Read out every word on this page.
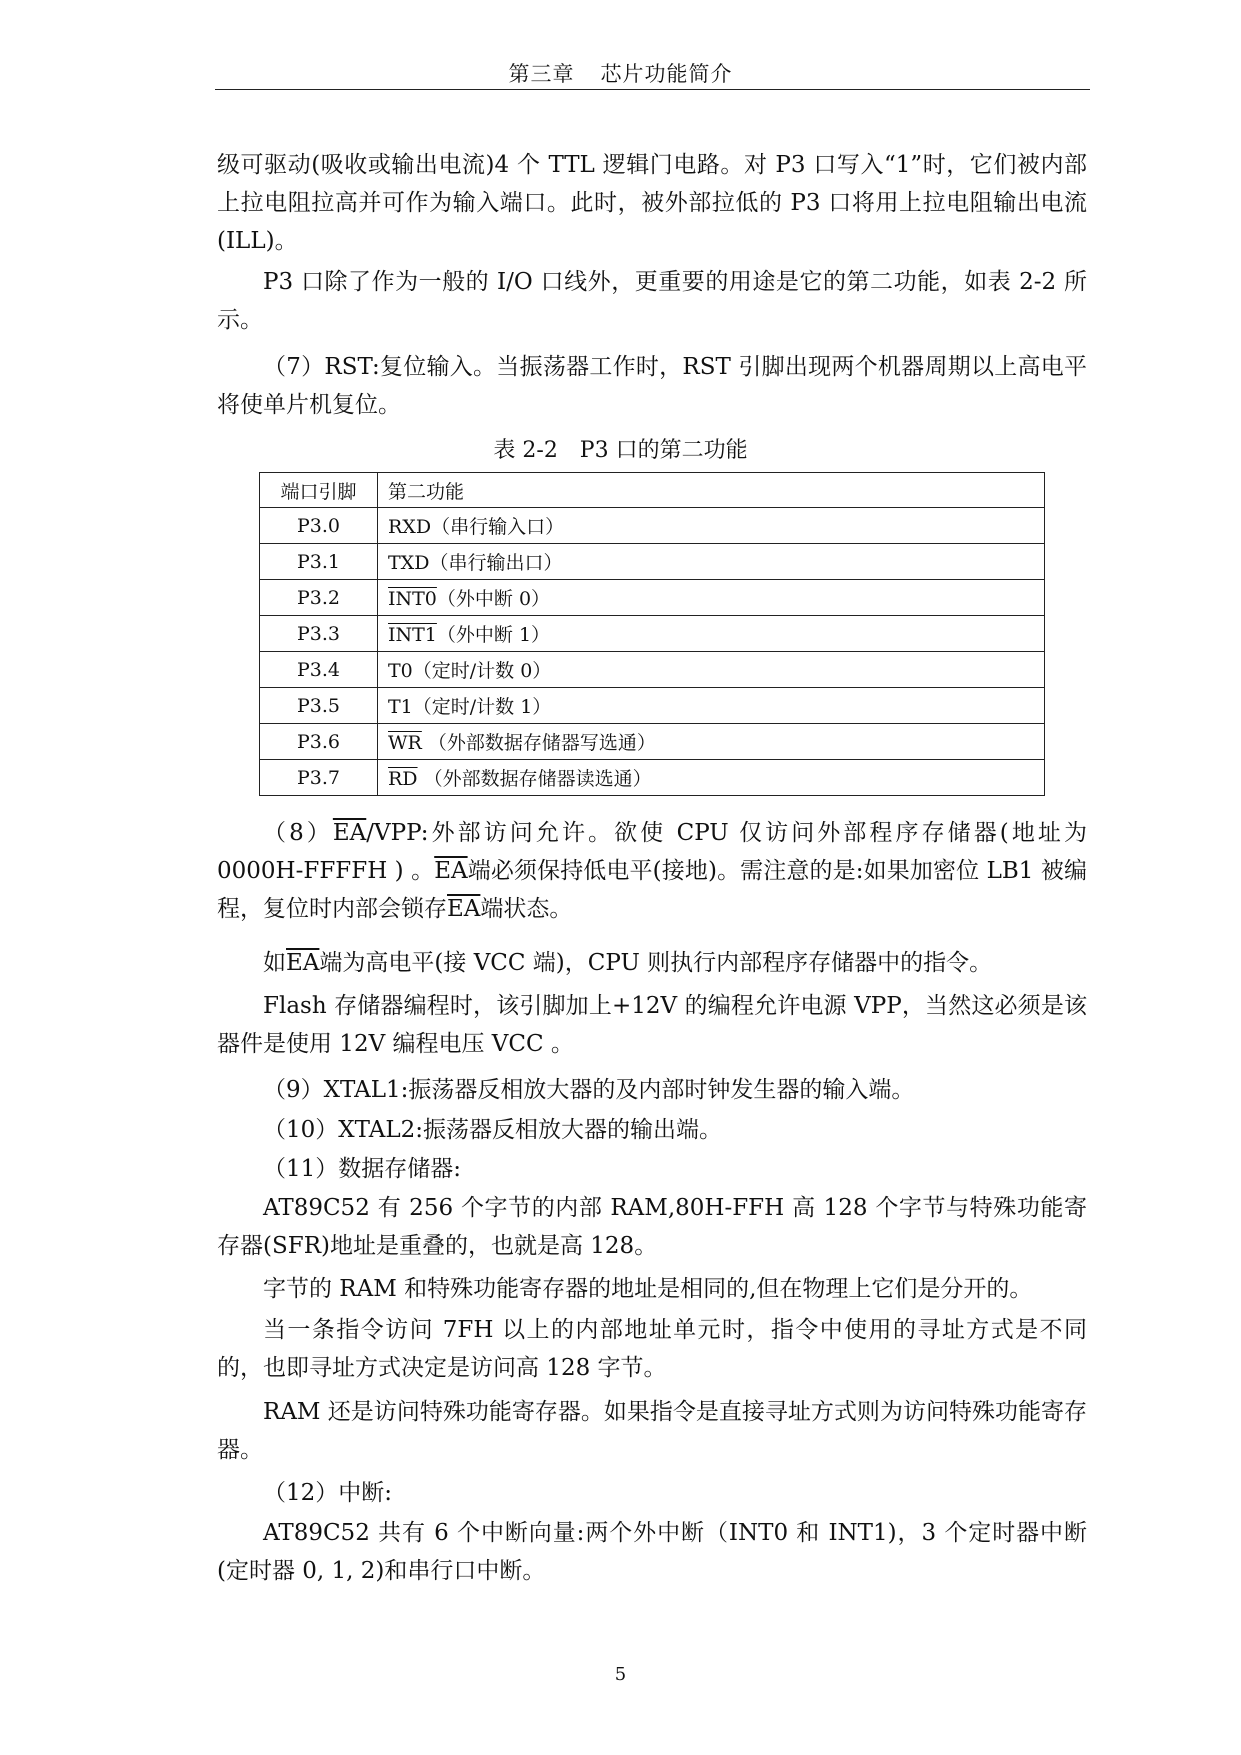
第三章 芯片功能简介
级可驱动(吸收或输出电流)4 个 TTL 逻辑门电路。对 P3 口写入“1”时，它们被内部上拉电阻拉高并可作为输入端口。此时，被外部拉低的 P3 口将用上拉电阻输出电流(ILL)。
P3 口除了作为一般的 I/O 口线外，更重要的用途是它的第二功能，如表 2-2 所示。
（7）RST:复位输入。当振荡器工作时，RST 引脚出现两个机器周期以上高电平将使单片机复位。
表 2-2　P3 口的第二功能
端口引脚	第二功能
P3.0	RXD（串行输入口）
P3.1	TXD（串行输出口）
P3.2	INT0（外中断 0）
P3.3	INT1（外中断 1）
P3.4	T0（定时/计数 0）
P3.5	T1（定时/计数 1）
P3.6	$\overline{WR}$ （外部数据存储器写选通）
P3.7	$\overline{RD}$ （外部数据存储器读选通）
$(8)\overline{EA}$/VPP:外部访问允许。欲使 CPU 仅访问外部程序存储器(地址为 0000H-FFFFH ) 。$\overline{EA}$端必须保持低电平(接地)。需注意的是:如果加密位 LB1 被编程，复位时内部会锁存$\overline{EA}$端状态。
如$\overline{EA}$端为高电平(接 VCC 端)，CPU 则执行内部程序存储器中的指令。
Flash 存储器编程时，该引脚加上+12V 的编程允许电源 VPP，当然这必须是该器件是使用 12V 编程电压 VCC 。
（9）XTAL1:振荡器反相放大器的及内部时钟发生器的输入端。
（10）XTAL2:振荡器反相放大器的输出端。
（11）数据存储器:
AT89C52 有 256 个字节的内部 RAM,80H-FFH 高 128 个字节与特殊功能寄存器(SFR)地址是重叠的，也就是高 128。
字节的 RAM 和特殊功能寄存器的地址是相同的,但在物理上它们是分开的。
当一条指令访问 7FH 以上的内部地址单元时，指令中使用的寻址方式是不同的，也即寻址方式决定是访问高 128 字节。
RAM 还是访问特殊功能寄存器。如果指令是直接寻址方式则为访问特殊功能寄存器。
（12）中断:
AT89C52 共有 6 个中断向量:两个外中断（INT0 和 INT1)，3 个定时器中断(定时器 0, 1, 2)和串行口中断。
5
